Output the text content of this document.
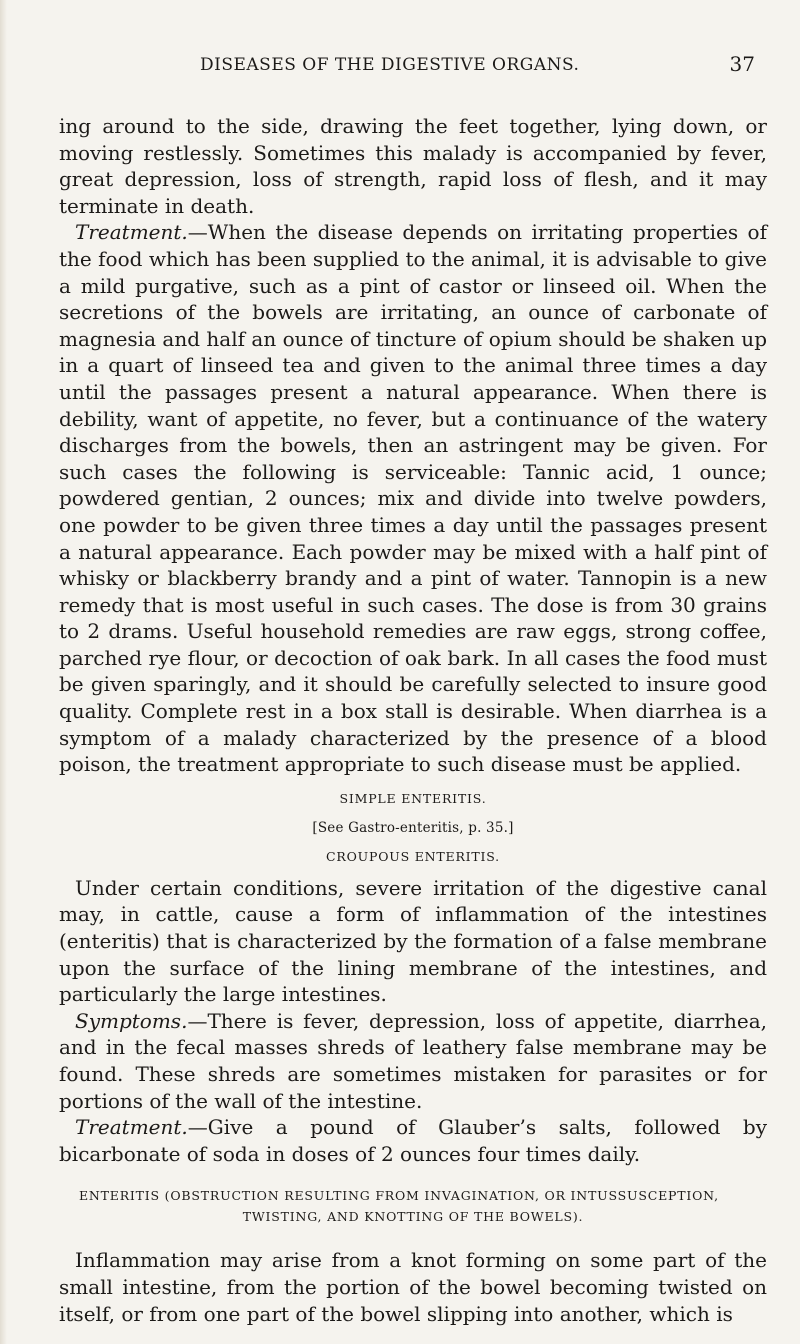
DISEASES OF THE DIGESTIVE ORGANS.	37

ing around to the side, drawing the feet together, lying down, or moving restlessly. Sometimes this malady is accompanied by fever, great depression, loss of strength, rapid loss of flesh, and it may terminate in death.

Treatment.—When the disease depends on irritating properties of the food which has been supplied to the animal, it is advisable to give a mild purgative, such as a pint of castor or linseed oil. When the secretions of the bowels are irritating, an ounce of carbonate of magnesia and half an ounce of tincture of opium should be shaken up in a quart of linseed tea and given to the animal three times a day until the passages present a natural appearance. When there is debility, want of appetite, no fever, but a continuance of the watery discharges from the bowels, then an astringent may be given. For such cases the following is serviceable: Tannic acid, 1 ounce; powdered gentian, 2 ounces; mix and divide into twelve powders, one powder to be given three times a day until the passages present a natural appearance. Each powder may be mixed with a half pint of whisky or blackberry brandy and a pint of water. Tannopin is a new remedy that is most useful in such cases. The dose is from 30 grains to 2 drams. Useful household remedies are raw eggs, strong coffee, parched rye flour, or decoction of oak bark. In all cases the food must be given sparingly, and it should be carefully selected to insure good quality. Complete rest in a box stall is desirable. When diarrhea is a symptom of a malady characterized by the presence of a blood poison, the treatment appropriate to such disease must be applied.

SIMPLE ENTERITIS.
[See Gastro-enteritis, p. 35.]
CROUPOUS ENTERITIS.

Under certain conditions, severe irritation of the digestive canal may, in cattle, cause a form of inflammation of the intestines (enteritis) that is characterized by the formation of a false membrane upon the surface of the lining membrane of the intestines, and particularly the large intestines.

Symptoms.—There is fever, depression, loss of appetite, diarrhea, and in the fecal masses shreds of leathery false membrane may be found. These shreds are sometimes mistaken for parasites or for portions of the wall of the intestine.

Treatment.—Give a pound of Glauber’s salts, followed by bicarbonate of soda in doses of 2 ounces four times daily.

ENTERITIS (OBSTRUCTION RESULTING FROM INVAGINATION, OR INTUSSUSCEPTION,
TWISTING, AND KNOTTING OF THE BOWELS).

Inflammation may arise from a knot forming on some part of the small intestine, from the portion of the bowel becoming twisted on itself, or from one part of the bowel slipping into another, which is
